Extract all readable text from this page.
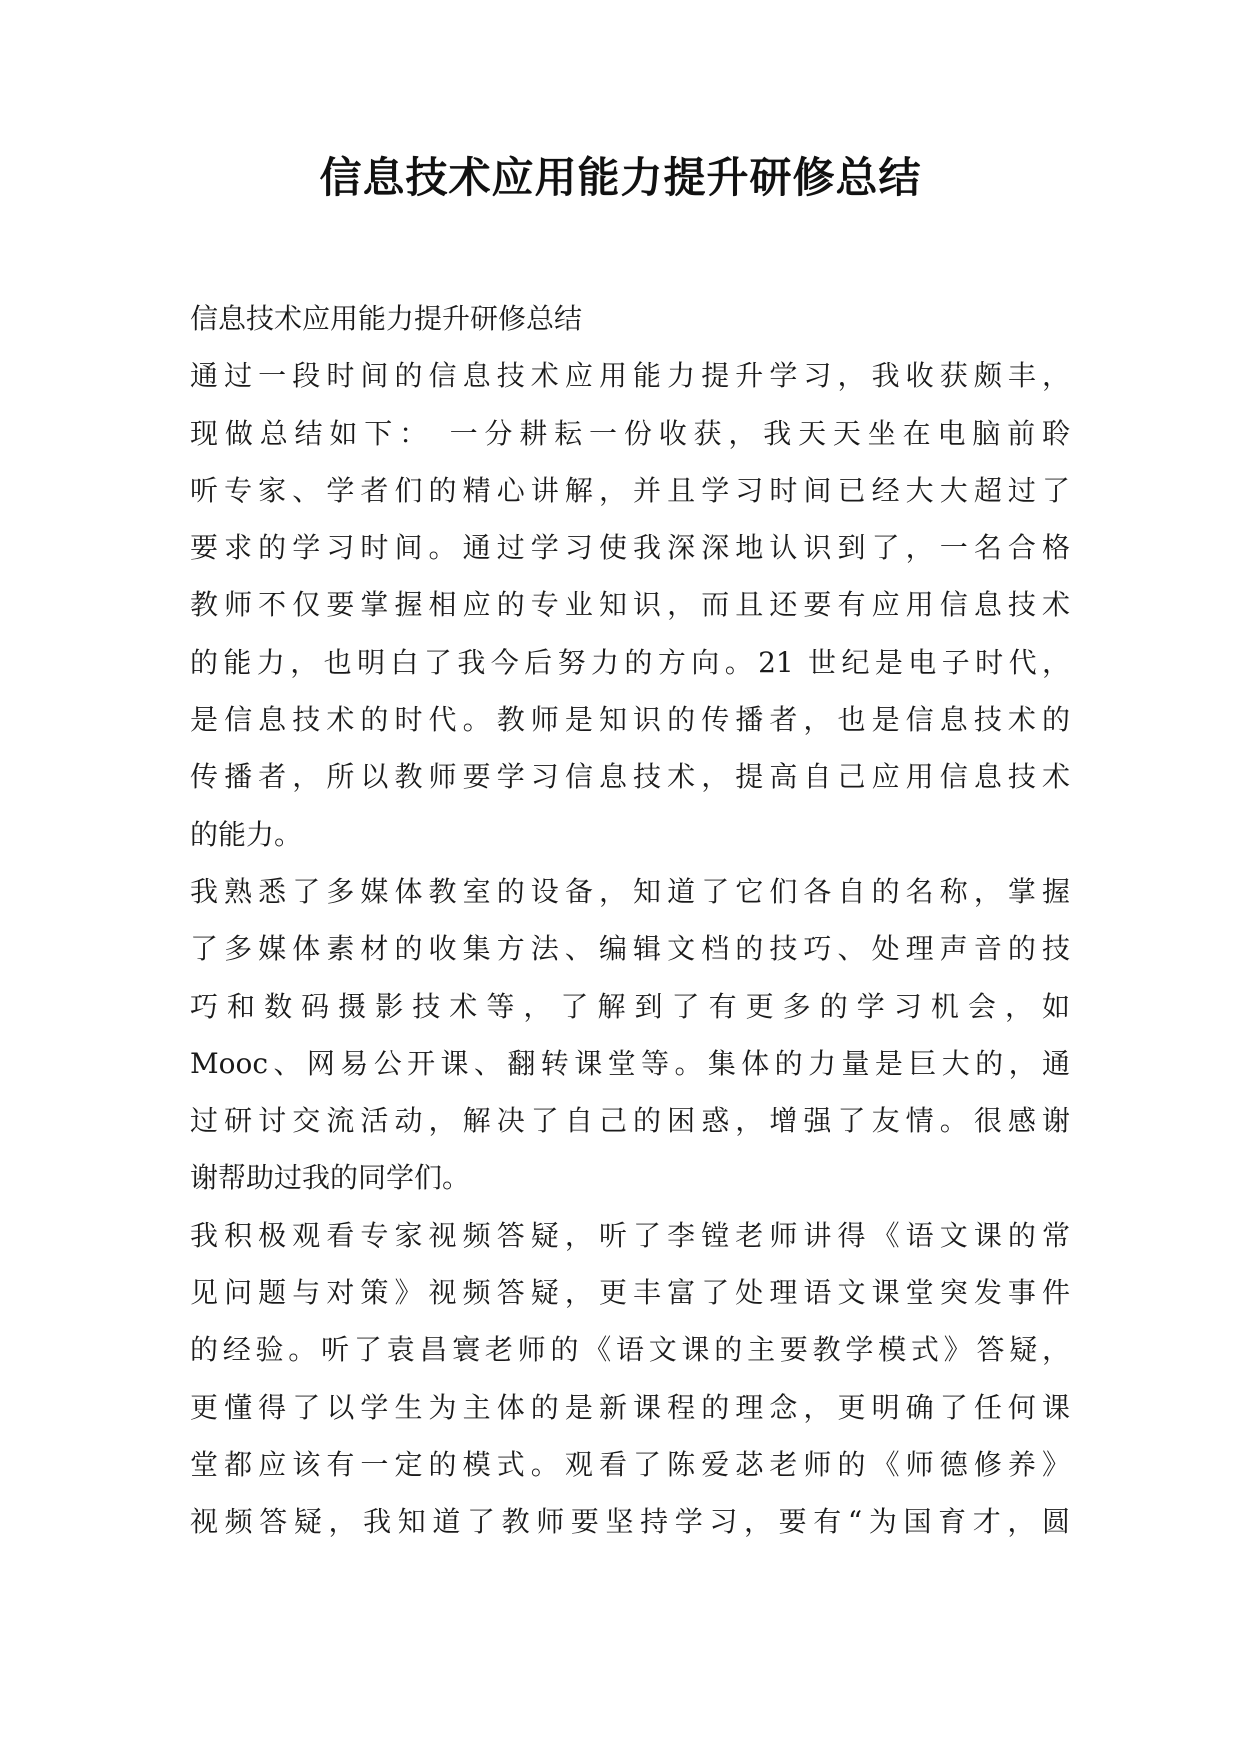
信息技术应用能力提升研修总结
信息技术应用能力提升研修总结
通过一段时间的信息技术应用能力提升学习，我收获颇丰，
现做总结如下： 一分耕耘一份收获，我天天坐在电脑前聆
听专家、学者们的精心讲解，并且学习时间已经大大超过了
要求的学习时间。通过学习使我深深地认识到了，一名合格
教师不仅要掌握相应的专业知识，而且还要有应用信息技术
的能力，也明白了我今后努力的方向。21 世纪是电子时代，
是信息技术的时代。教师是知识的传播者，也是信息技术的
传播者，所以教师要学习信息技术，提高自己应用信息技术
的能力。
我熟悉了多媒体教室的设备，知道了它们各自的名称，掌握
了多媒体素材的收集方法、编辑文档的技巧、处理声音的技
巧和数码摄影技术等，了解到了有更多的学习机会，如
Mooc、网易公开课、翻转课堂等。集体的力量是巨大的，通
过研讨交流活动，解决了自己的困惑，增强了友情。很感谢
谢帮助过我的同学们。
我积极观看专家视频答疑，听了李镗老师讲得《语文课的常
见问题与对策》视频答疑，更丰富了处理语文课堂突发事件
的经验。听了袁昌寰老师的《语文课的主要教学模式》答疑，
更懂得了以学生为主体的是新课程的理念，更明确了任何课
堂都应该有一定的模式。观看了陈爱苾老师的《师德修养》
视频答疑，我知道了教师要坚持学习，要有“为国育才，圆
